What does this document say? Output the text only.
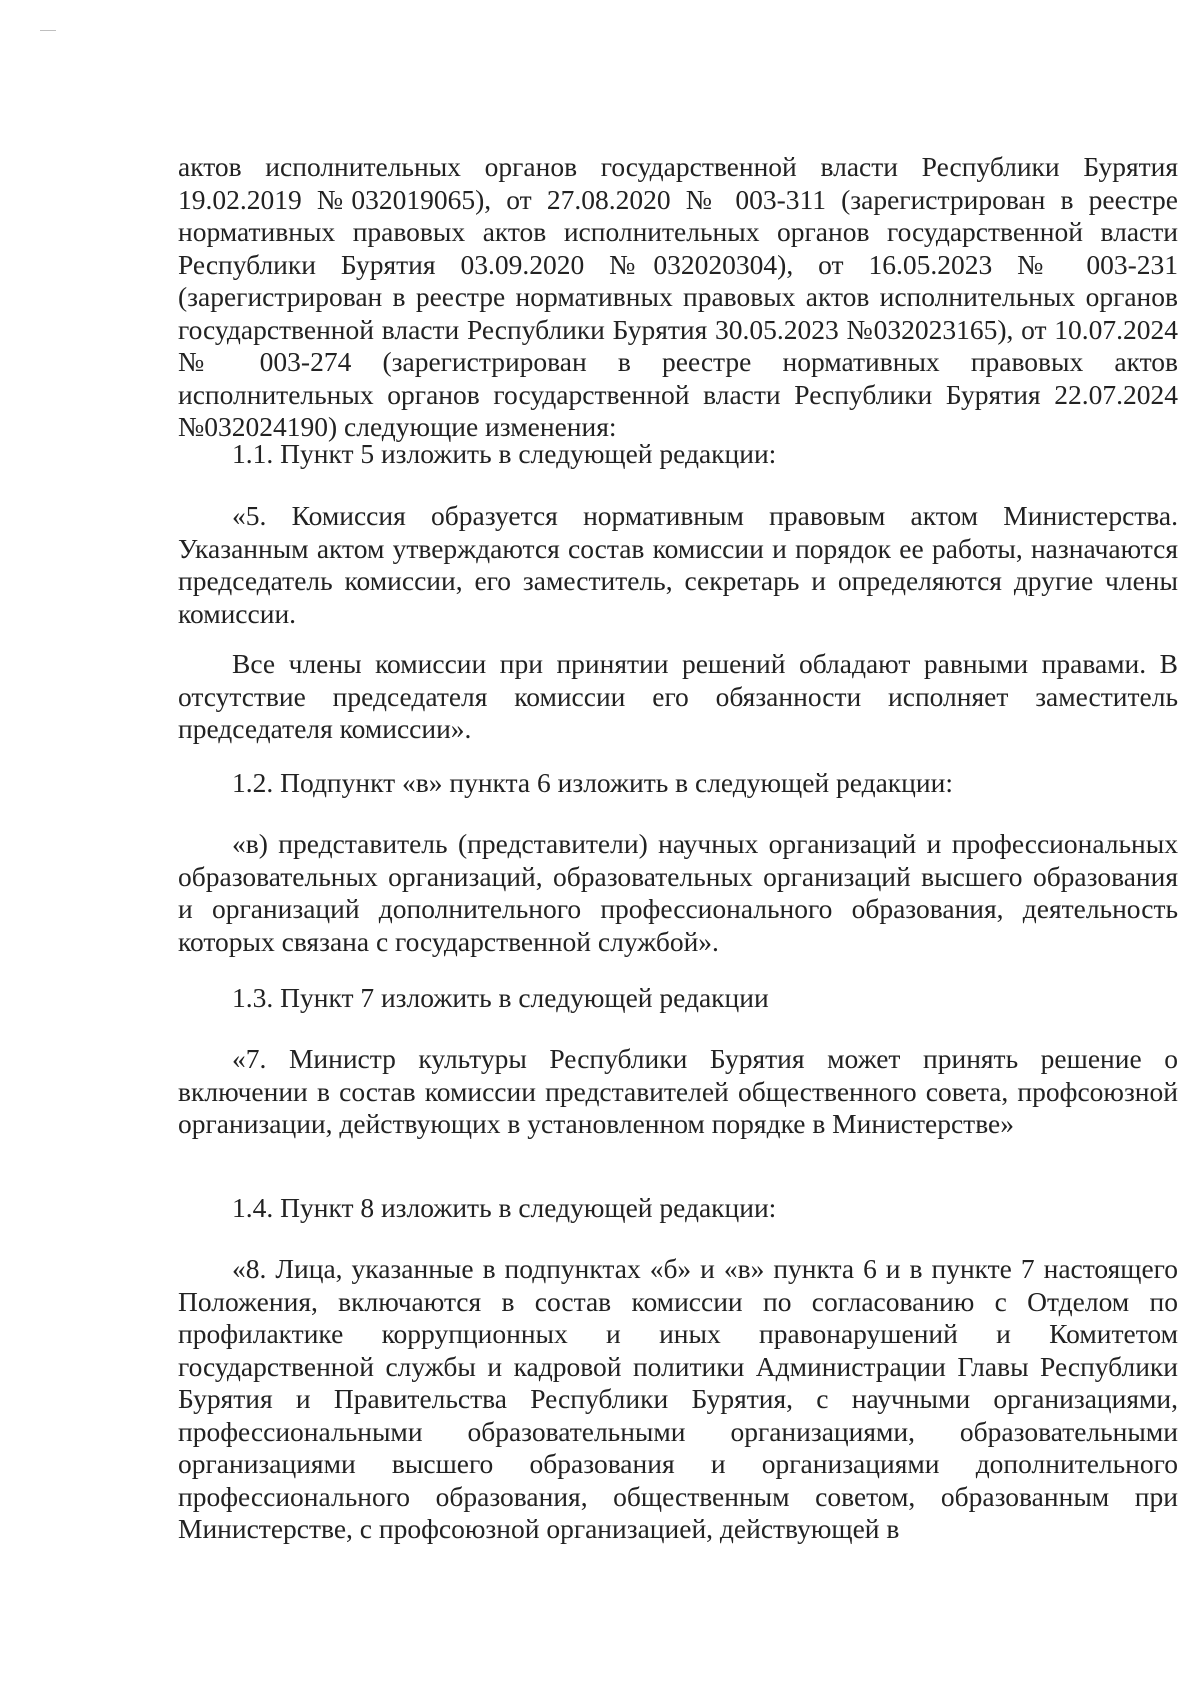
актов исполнительных органов государственной власти Республики Бурятия 19.02.2019 №032019065), от 27.08.2020 № 003-311 (зарегистрирован в реестре нормативных правовых актов исполнительных органов государственной власти Республики Бурятия 03.09.2020 №032020304), от 16.05.2023 № 003-231 (зарегистрирован в реестре нормативных правовых актов исполнительных органов государственной власти Республики Бурятия 30.05.2023 №032023165), от 10.07.2024 № 003-274 (зарегистрирован в реестре нормативных правовых актов исполнительных органов государственной власти Республики Бурятия 22.07.2024 №032024190) следующие изменения:

1.1. Пункт 5 изложить в следующей редакции:

«5. Комиссия образуется нормативным правовым актом Министерства. Указанным актом утверждаются состав комиссии и порядок ее работы, назначаются председатель комиссии, его заместитель, секретарь и определяются другие члены комиссии.

Все члены комиссии при принятии решений обладают равными правами. В отсутствие председателя комиссии его обязанности исполняет заместитель председателя комиссии».

1.2. Подпункт «в» пункта 6 изложить в следующей редакции:

«в) представитель (представители) научных организаций и профессиональных образовательных организаций, образовательных организаций высшего образования и организаций дополнительного профессионального образования, деятельность которых связана с государственной службой».

1.3. Пункт 7 изложить в следующей редакции

«7. Министр культуры Республики Бурятия может принять решение о включении в состав комиссии представителей общественного совета, профсоюзной организации, действующих в установленном порядке в Министерстве»

1.4. Пункт 8 изложить в следующей редакции:

«8. Лица, указанные в подпунктах «б» и «в» пункта 6 и в пункте 7 настоящего Положения, включаются в состав комиссии по согласованию с Отделом по профилактике коррупционных и иных правонарушений и Комитетом государственной службы и кадровой политики Администрации Главы Республики Бурятия и Правительства Республики Бурятия, с научными организациями, профессиональными образовательными организациями, образовательными организациями высшего образования и организациями дополнительного профессионального образования, общественным советом, образованным при Министерстве, с профсоюзной организацией, действующей в
